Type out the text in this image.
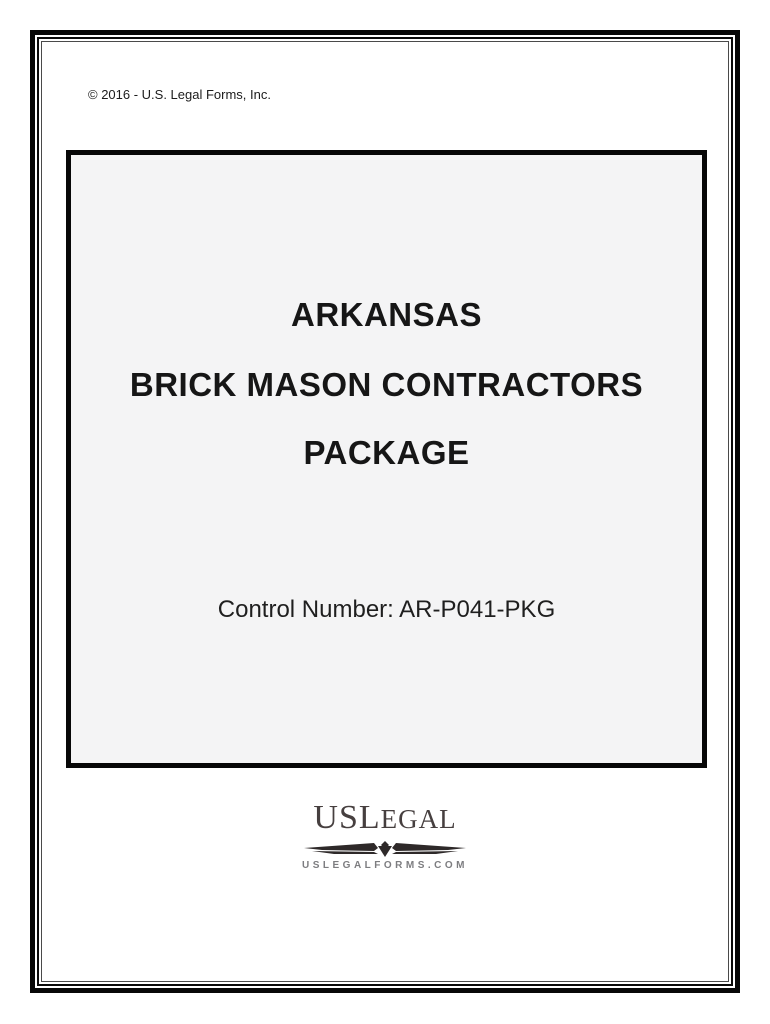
© 2016 - U.S. Legal Forms, Inc.
ARKANSAS
BRICK MASON CONTRACTORS
PACKAGE
Control Number: AR-P041-PKG
USLEGAL
USLEGALFORMS.COM
